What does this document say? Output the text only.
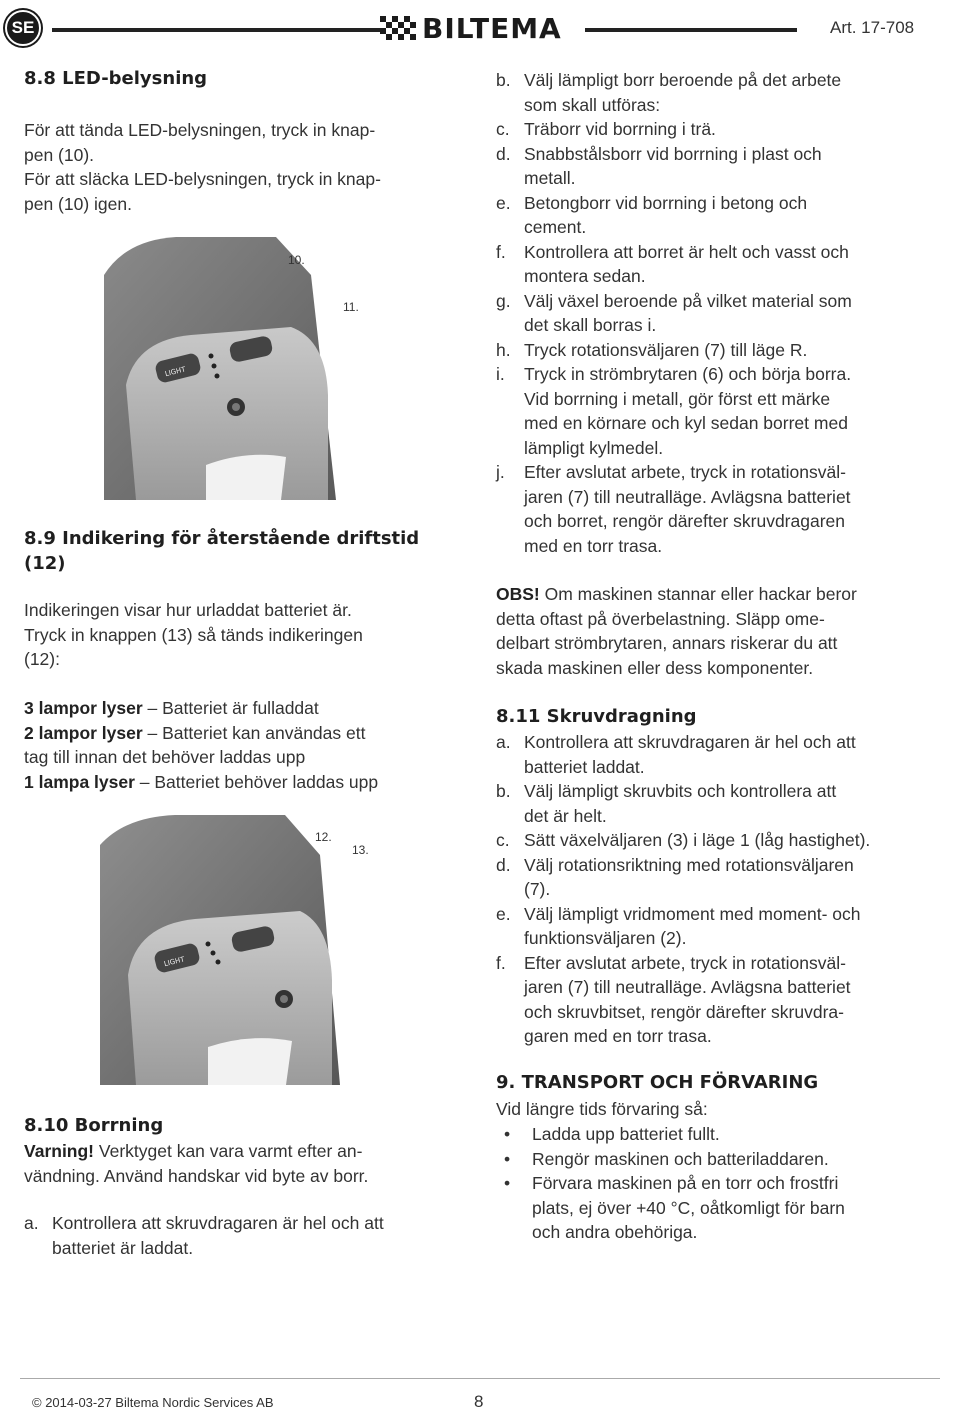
SE	BILTEMA	Art. 17-708
8.8 LED-belysning
För att tända LED-belysningen, tryck in knap-
pen (10).
För att släcka LED-belysningen, tryck in knap-
pen (10) igen.
LIGHT
10.
11.
8.9 Indikering för återstående driftstid
(12)
Indikeringen visar hur urladdat batteriet är.
Tryck in knappen (13) så tänds indikeringen
(12):
3 lampor lyser – Batteriet är fulladdat
2 lampor lyser – Batteriet kan användas ett
tag till innan det behöver laddas upp
1 lampa lyser – Batteriet behöver laddas upp
LIGHT
12.
13.
8.10 Borrning
Varning! Verktyget kan vara varmt efter an-
vändning. Använd handskar vid byte av borr.
a. Kontrollera att skruvdragaren är hel och att
batteriet är laddat.
b. Välj lämpligt borr beroende på det arbete
som skall utföras:
c. Träborr vid borrning i trä.
d. Snabbstålsborr vid borrning i plast och
metall.
e. Betongborr vid borrning i betong och
cement.
f. Kontrollera att borret är helt och vasst och
montera sedan.
g. Välj växel beroende på vilket material som
det skall borras i.
h. Tryck rotationsväljaren (7) till läge R.
i. Tryck in strömbrytaren (6) och börja borra.
Vid borrning i metall, gör först ett märke
med en körnare och kyl sedan borret med
lämpligt kylmedel.
j. Efter avslutat arbete, tryck in rotationsväl-
jaren (7) till neutralläge. Avlägsna batteriet
och borret, rengör därefter skruvdragaren
med en torr trasa.
OBS! Om maskinen stannar eller hackar beror
detta oftast på överbelastning. Släpp ome-
delbart strömbrytaren, annars riskerar du att
skada maskinen eller dess komponenter.
8.11 Skruvdragning
a. Kontrollera att skruvdragaren är hel och att
batteriet laddat.
b. Välj lämpligt skruvbits och kontrollera att
det är helt.
c. Sätt växelväljaren (3) i läge 1 (låg hastighet).
d. Välj rotationsriktning med rotationsväljaren
(7).
e. Välj lämpligt vridmoment med moment- och
funktionsväljaren (2).
f. Efter avslutat arbete, tryck in rotationsväl-
jaren (7) till neutralläge. Avlägsna batteriet
och skruvbitset, rengör därefter skruvdra-
garen med en torr trasa.
9. TRANSPORT OCH FÖRVARING
Vid längre tids förvaring så:
• Ladda upp batteriet fullt.
• Rengör maskinen och batteriladdaren.
• Förvara maskinen på en torr och frostfri
plats, ej över +40 °C, oåtkomligt för barn
och andra obehöriga.
© 2014-03-27 Biltema Nordic Services AB	8
